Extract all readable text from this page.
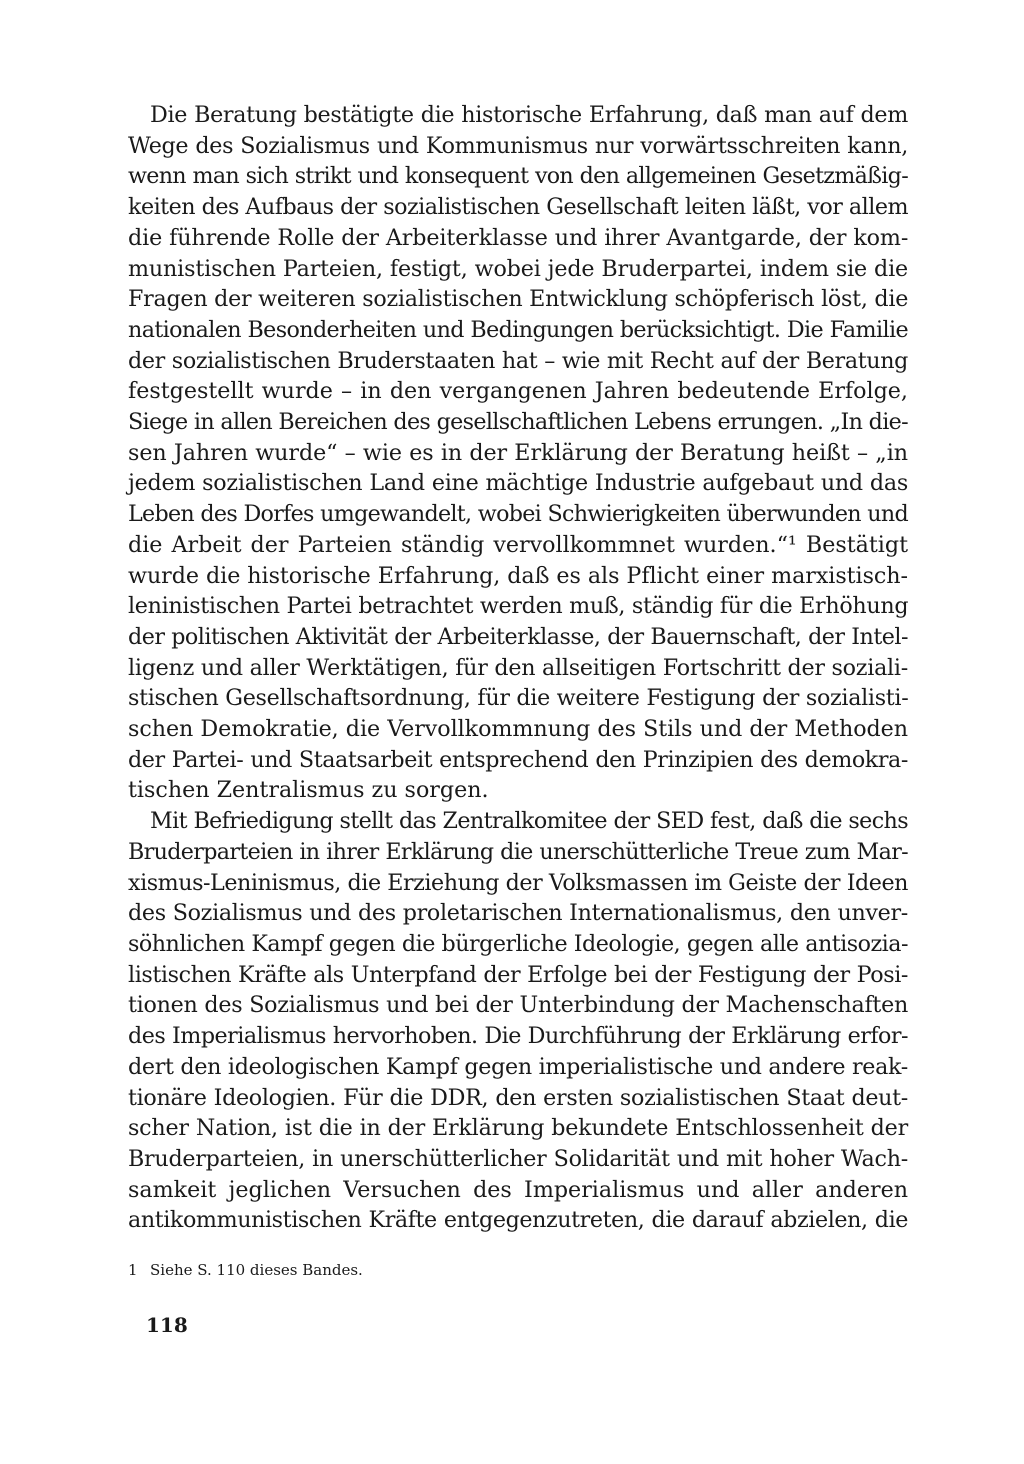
Die Beratung bestätigte die historische Erfahrung, daß man auf dem
Wege des Sozialismus und Kommunismus nur vorwärtsschreiten kann,
wenn man sich strikt und konsequent von den allgemeinen Gesetzmäßig-
keiten des Aufbaus der sozialistischen Gesellschaft leiten läßt, vor allem
die führende Rolle der Arbeiterklasse und ihrer Avantgarde, der kom-
munistischen Parteien, festigt, wobei jede Bruderpartei, indem sie die
Fragen der weiteren sozialistischen Entwicklung schöpferisch löst, die
nationalen Besonderheiten und Bedingungen berücksichtigt. Die Familie
der sozialistischen Bruderstaaten hat – wie mit Recht auf der Beratung
festgestellt wurde – in den vergangenen Jahren bedeutende Erfolge,
Siege in allen Bereichen des gesellschaftlichen Lebens errungen. „In die-
sen Jahren wurde“ – wie es in der Erklärung der Beratung heißt – „in
jedem sozialistischen Land eine mächtige Industrie aufgebaut und das
Leben des Dorfes umgewandelt, wobei Schwierigkeiten überwunden und
die Arbeit der Parteien ständig vervollkommnet wurden.“¹ Bestätigt
wurde die historische Erfahrung, daß es als Pflicht einer marxistisch-
leninistischen Partei betrachtet werden muß, ständig für die Erhöhung
der politischen Aktivität der Arbeiterklasse, der Bauernschaft, der Intel-
ligenz und aller Werktätigen, für den allseitigen Fortschritt der soziali-
stischen Gesellschaftsordnung, für die weitere Festigung der sozialisti-
schen Demokratie, die Vervollkommnung des Stils und der Methoden
der Partei- und Staatsarbeit entsprechend den Prinzipien des demokra-
tischen Zentralismus zu sorgen.
Mit Befriedigung stellt das Zentralkomitee der SED fest, daß die sechs
Bruderparteien in ihrer Erklärung die unerschütterliche Treue zum Mar-
xismus-Leninismus, die Erziehung der Volksmassen im Geiste der Ideen
des Sozialismus und des proletarischen Internationalismus, den unver-
söhnlichen Kampf gegen die bürgerliche Ideologie, gegen alle antisozia-
listischen Kräfte als Unterpfand der Erfolge bei der Festigung der Posi-
tionen des Sozialismus und bei der Unterbindung der Machenschaften
des Imperialismus hervorhoben. Die Durchführung der Erklärung erfor-
dert den ideologischen Kampf gegen imperialistische und andere reak-
tionäre Ideologien. Für die DDR, den ersten sozialistischen Staat deut-
scher Nation, ist die in der Erklärung bekundete Entschlossenheit der
Bruderparteien, in unerschütterlicher Solidarität und mit hoher Wach-
samkeit jeglichen Versuchen des Imperialismus und aller anderen
antikommunistischen Kräfte entgegenzutreten, die darauf abzielen, die
1 Siehe S. 110 dieses Bandes.
118
